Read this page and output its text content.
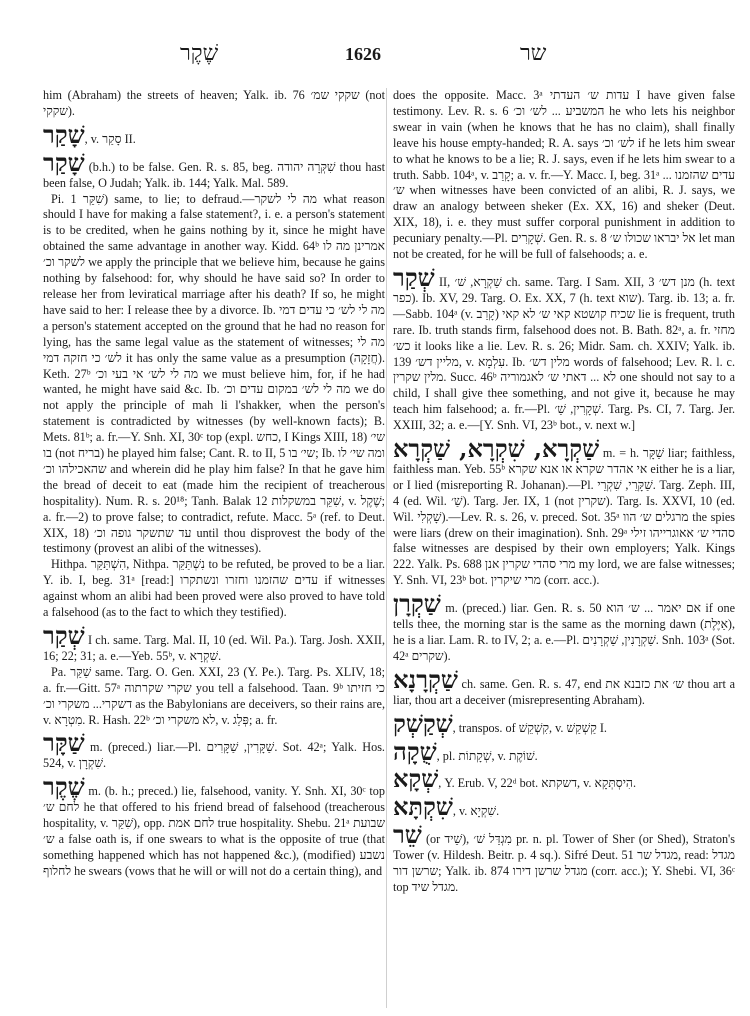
שֶׁקֶר	1626	שר

him (Abraham) the streets of heaven; Yalk. ib. 76 שקקי שמ׳ (not שקקי).

שָׁקַר, v. סָקַר II.

שָׁקַר (b.h.) to be false. Gen. R. s. 85, beg. שִׁקְּרָה יהודה thou hast been false, O Judah; Yalk. ib. 144; Yalk. Mal. 589.

Pi. שִׁקֵּר 1) same, to lie; to defraud.—מה לי לשקר what reason should I have for making a false statement?, i. e. a person's statement is to be credited, when he gains nothing by it, since he might have obtained the same advantage in another way. Kidd. 64ᵇ אמרינן מה לו לשקר וכ׳ we apply the principle that we believe him, because he gains nothing by falsehood: for, why should he have said so? In order to release her from leviratical marriage after his death? If so, he might have said to her: I release thee by a divorce. Ib. מה לי לש׳ כי עדים דמי a person's statement accepted on the ground that he had no reason for lying, has the same legal value as the statement of witnesses; מה לי לש׳ כי חזקה דמי it has only the same value as a presumption (חֲזָקָה). Keth. 27ᵇ מה לי לש׳ אי בעי וכ׳ we must believe him, for, if he had wanted, he might have said &c. Ib. מה לי לש׳ במקום עדים וכ׳ we do not apply the principle of mah li l'shakker, when the person's statement is contradicted by witnesses (by well-known facts); B. Mets. 81ᵇ; a. fr.—Y. Snh. XI, 30ᶜ top (expl. כחש, I Kings XIII, 18) שי׳ בו (not בריח) he played him false; Cant. R. to II, 5 שי׳ בו; Ib. ומה שי׳ לו שהאכילהו וכ׳ and wherein did he play him false? In that he gave him the bread of deceit to eat (made him the recipient of treacherous hospitality). Num. R. s. 20¹⁸; Tanh. Balak 12 שִׁקֵּר במשקלות, v. שֶׁקֶל; a. fr.—2) to prove false; to contradict, refute. Macc. 5ᵃ (ref. to Deut. XIX, 18) עד שתשקר גופה וכ׳ until thou disprovest the body of the testimony (provest an alibi of the witnesses).

Hithpa. הִשְׁתַּקֵּר, Nithpa. נִשְׁתַּקֵּר to be refuted, be proved to be a liar. Y. ib. I, beg. 31ᵃ [read:] עדים שהזמנו וחזרו ונשתקרו if witnesses against whom an alibi had been proved were also proved to have told a falsehood (as to the fact to which they testified).

שְׁקַר I ch. same. Targ. Mal. II, 10 (ed. Wil. Pa.). Targ. Josh. XXII, 16; 22; 31; a. e.—Yeb. 55ᵇ, v. שִׁקְרָא.

Pa. שַׁקַּר same. Targ. O. Gen. XXI, 23 (Y. Pe.). Targ. Ps. XLIV, 18; a. fr.—Gitt. 57ᵃ שקרי שקרתוה you tell a falsehood. Taan. 9ᵇ כי חזיתו דשקרי... משקרי וכ׳ as the Babylonians are deceivers, so their rains are, v. מִטְרָא. R. Hash. 22ᵇ לא משקרי וכ׳, v. פְּלַג; a. fr.

שַׁקָּר m. (preced.) liar.—Pl. שַׁקָּרִין, שַׁקָּרִים. Sot. 42ᵃ; Yalk. Hos. 524, v. שִׁקְרָן.

שֶׁקֶר m. (b. h.; preced.) lie, falsehood, vanity. Y. Snh. XI, 30ᶜ top לחם ש׳ he that offered to his friend bread of falsehood (treacherous hospitality, v. שִׁקֵּר), opp. לחם אמת true hospitality. Shebu. 21ᵃ שבועת ש׳ a false oath is, if one swears to what is the opposite of true (that something happened which has not happened &c.), (modified) נשבע לחלוף he swears (vows that he will or will not do a certain thing), and

does the opposite. Macc. 3ᵃ עדות ש׳ העדתי I have given false testimony. Lev. R. s. 6 המשביע ... לש׳ וכ׳ he who lets his neighbor swear in vain (when he knows that he has no claim), shall finally leave his house empty-handed; R. A. says לש׳ וכ׳ if he lets him swear to what he knows to be a lie; R. J. says, even if he lets him swear to a truth. Sabb. 104ᵃ, v. קָרַב; a. v. fr.—Y. Macc. I, beg. 31ᵃ עדים שהזמנו ... ש׳ when witnesses have been convicted of an alibi, R. J. says, we draw an analogy between sheker (Ex. XX, 16) and sheker (Deut. XIX, 18), i. e. they must suffer corporal punishment in addition to pecuniary penalty.—Pl. שְׁקָרִים. Gen. R. s. 8 אל יבראו שכולו ש׳ let man not be created, for he will be full of falsehoods; a. e.

שְׁקַר II, שַׁקְרָא, שׁ׳ ch. same. Targ. I Sam. XII, 3 מנן דש׳ (h. text כפר). Ib. XV, 29. Targ. O. Ex. XX, 7 (h. text שוא). Targ. ib. 13; a. fr.—Sabb. 104ᵃ (v. קָרַב) שכיח קושטא קאי ש׳ לא קאי lie is frequent, truth rare. Ib. truth stands firm, falsehood does not. B. Bath. 82ᵃ, a. fr. מחזי כש׳ it looks like a lie. Lev. R. s. 26; Midr. Sam. ch. XXIV; Yalk. ib. 139 מליין דש׳, v. עִלְמָא. Ib. מלין דש׳ words of falsehood; Lev. R. l. c. מלין שקרין. Succ. 46ᵇ לא ... דאתי ש׳ לאגמוריה one should not say to a child, I shall give thee something, and not give it, because he may teach him falsehood; a. fr.—Pl. שְׁקָרִין, שַׁ׳. Targ. Ps. CI, 7. Targ. Jer. XXIII, 32; a. e.—[Y. Snh. VI, 23ᵇ bot., v. next w.]

שַׁקְרָא, שִׁקְרָא, שַׁקְרָא m. = h. שַׁקָּר liar; faithless, faithless man. Yeb. 55ᵇ אי אהדר שקרא או אנא שקרא either he is a liar, or I lied (misreporting R. Johanan).—Pl. שַׁקָּרֵי, שִׁקְרֵי. Targ. Zeph. III, 4 (ed. Wil. שַׁ׳). Targ. Jer. IX, 1 (not שקרין). Targ. Is. XXVI, 10 (ed. Wil. שָׁקְלִי).—Lev. R. s. 26, v. preced. Sot. 35ᵃ מרגלים ש׳ הוו the spies were liars (drew on their imagination). Snh. 29ᵃ סהדי ש׳ אאוגרייהו זילי false witnesses are despised by their own employers; Yalk. Kings 222. Yalk. Ps. 688 מרי סהדי שקרין אנן my lord, we are false witnesses; Y. Snh. VI, 23ᵇ bot. מרי שיקרין (corr. acc.).

שַׁקְרָן m. (preced.) liar. Gen. R. s. 50 אם יאמר ... ש׳ הוא if one tells thee, the morning star is the same as the morning dawn (אַיֶּלֶת), he is a liar. Lam. R. to IV, 2; a. e.—Pl. שַׁקְרָנִין, שַׁקְרָנִים. Snh. 103ᵃ (Sot. 42ᵃ שקרים).

שַׁקְרָנָא ch. same. Gen. R. s. 47, end ש׳ את כזבנא את thou art a liar, thou art a deceiver (misrepresenting Abraham).

שְׁקַשְׁק, transpos. of קִשְׁקֵשׁ, v. קַשְׁקַשׁ I.

שֻׁקָה, pl. שְׁקָתוֹת, v. שׁוֹקֶת.

שְׁקָא, Y. Erub. V, 22ᵈ bot. דשקתא, v. הִיסְתְּקָא.

שִׁקְתָּא, v. שִׁקְיָא.

שֵׁר (or שֵׁיד), מִגְדַּל שׁ׳ pr. n. pl. Tower of Sher (or Shed), Straton's Tower (v. Hildesh. Beitr. p. 4 sq.). Sifré Deut. 51 מגדל שר, read: מגדל שרשן דור; Yalk. ib. 874 מגדל שרשן דירו (corr. acc.); Y. Shebi. VI, 36ᶜ top מגדל שיד.
